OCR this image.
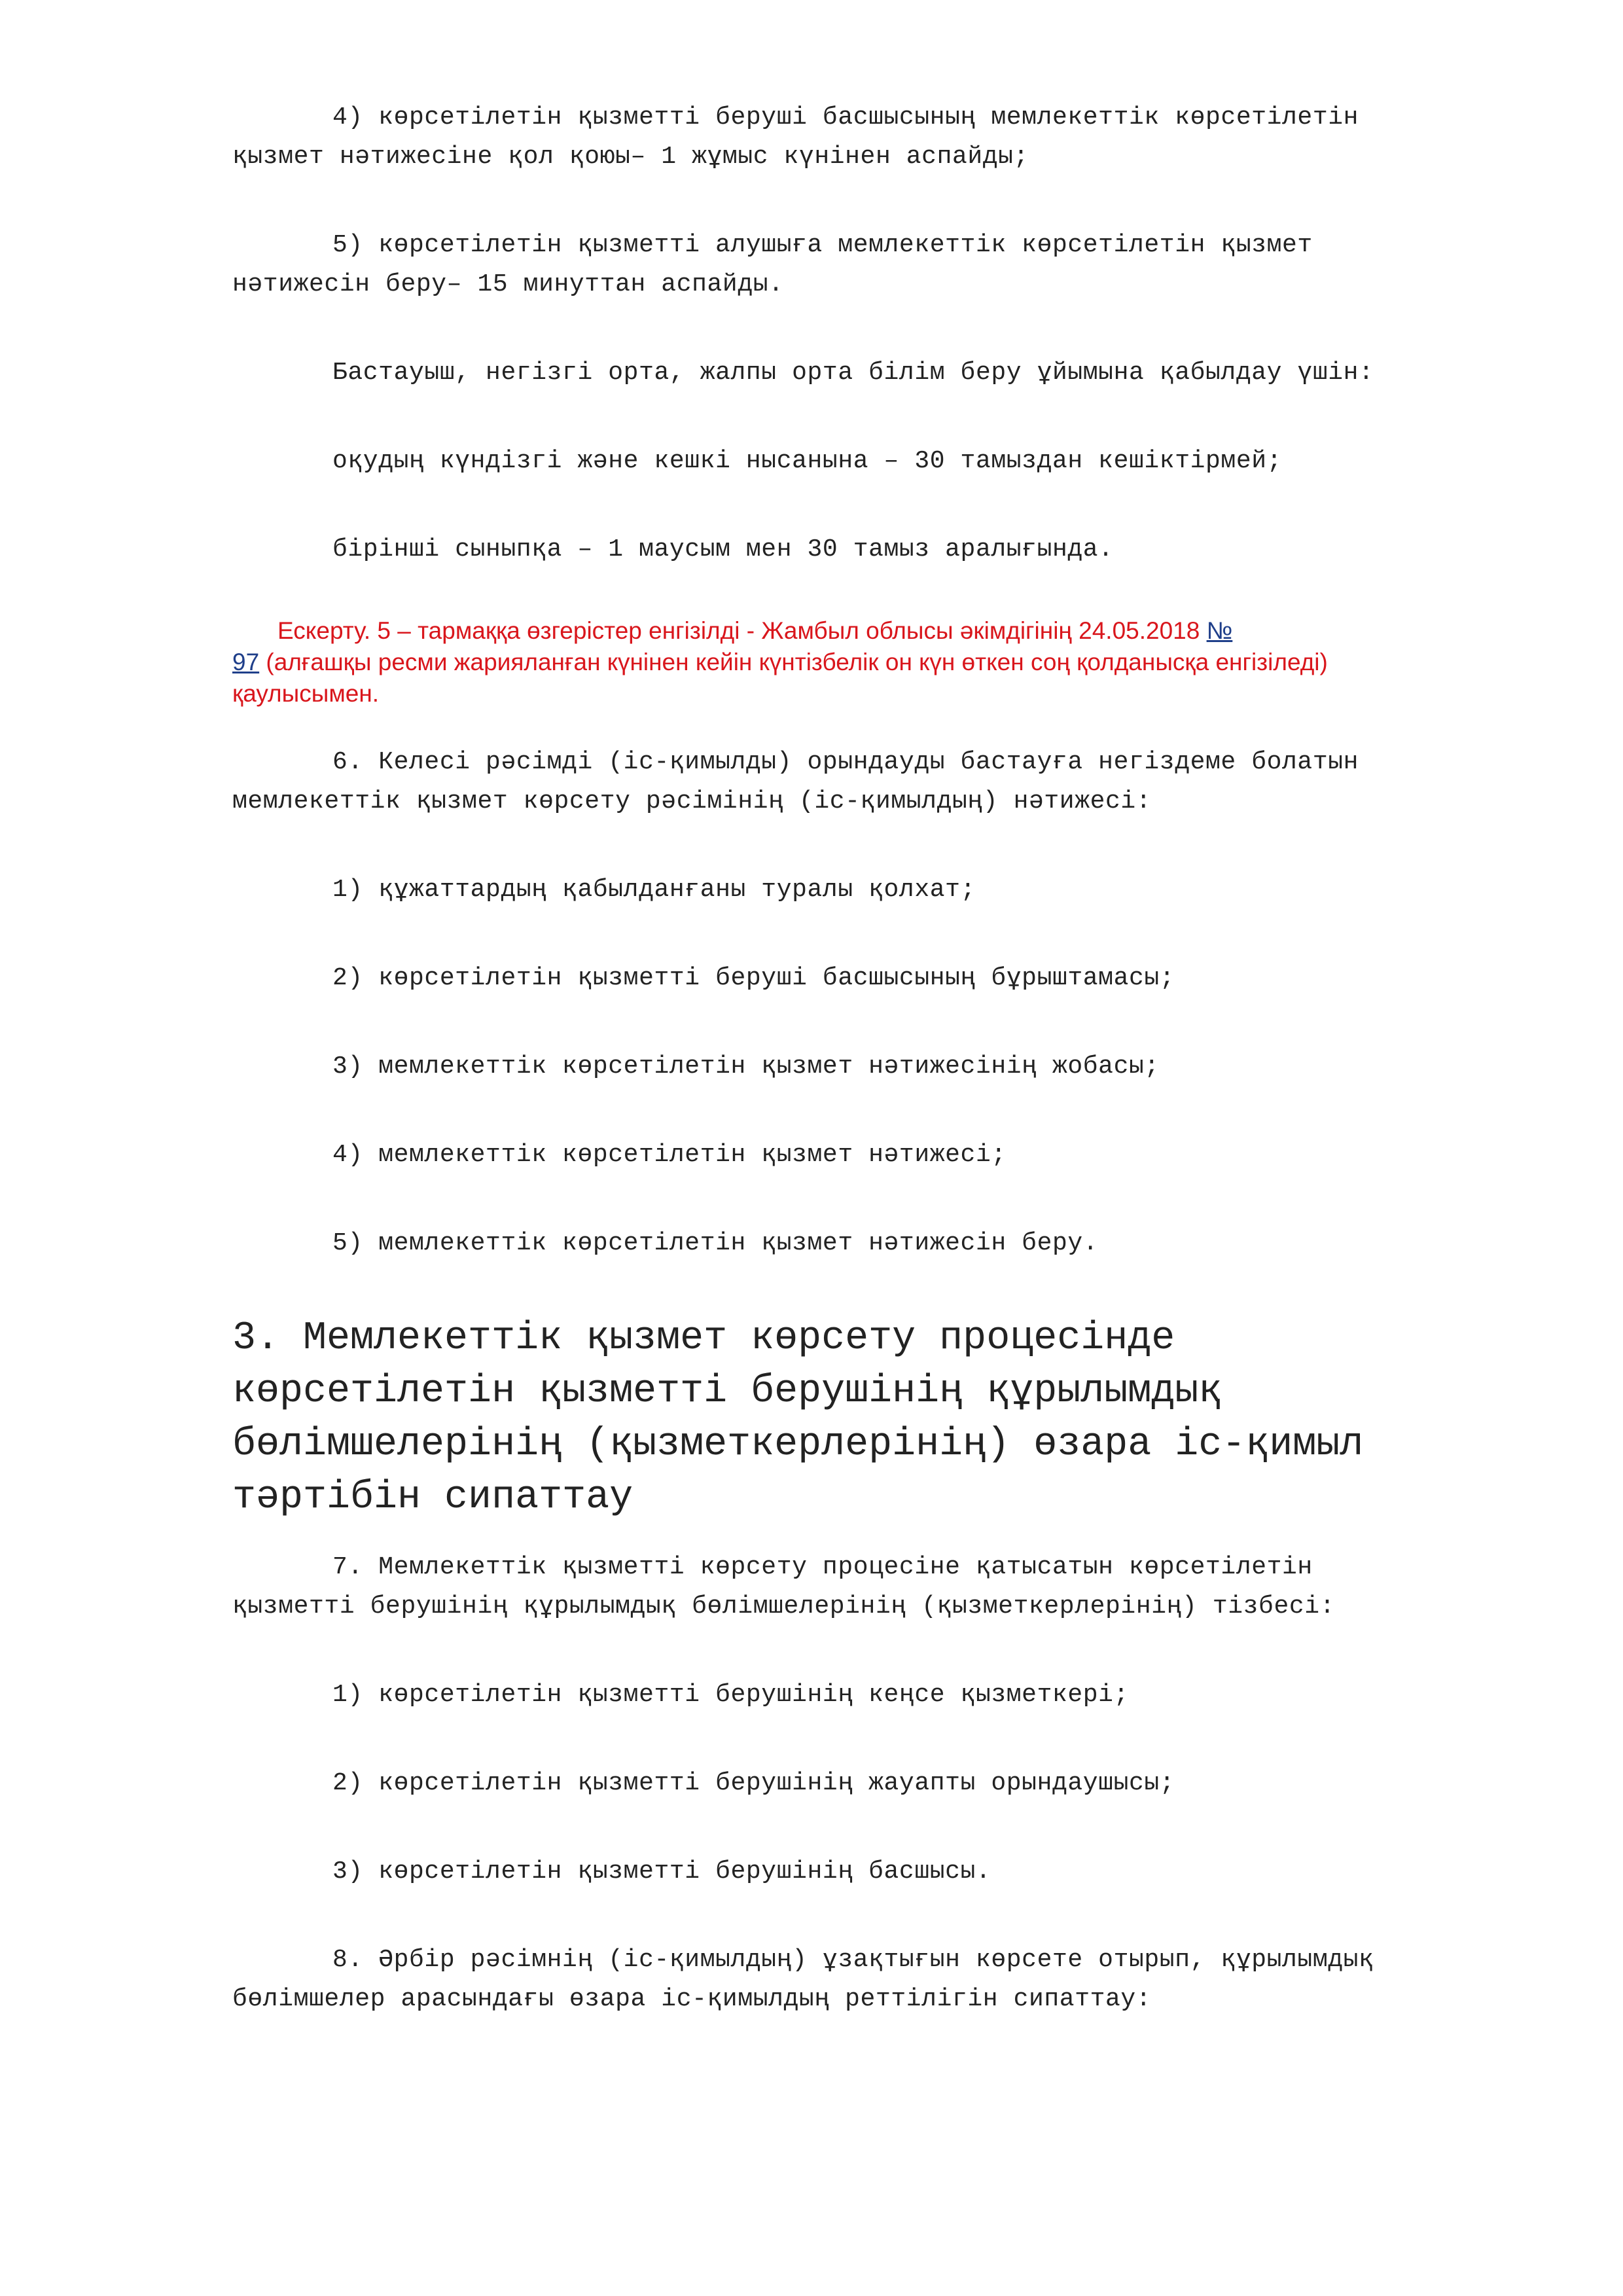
4) көрсетілетін қызметті беруші басшысының мемлекеттік көрсетілетін
қызмет нәтижесіне қол қоюы– 1 жұмыс күнінен аспайды;

5) көрсетілетін қызметті алушыға мемлекеттік көрсетілетін қызмет
нәтижесін беру– 15 минуттан аспайды.

Бастауыш, негізгі орта, жалпы орта білім беру ұйымына қабылдау үшін:

оқудың күндізгі және кешкі нысанына – 30 тамыздан кешіктірмей;

бірінші сыныпқа – 1 маусым мен 30 тамыз аралығында.

Ескерту. 5 – тармаққа өзгерістер енгізілді - Жамбыл облысы әкімдігінің 24.05.2018 №
97 (алғашқы ресми жарияланған күнінен кейін күнтізбелік он күн өткен соң қолданысқа енгізіледі)
қаулысымен.

6. Келесі рәсімді (іс-қимылды) орындауды бастауға негіздеме болатын
мемлекеттік қызмет көрсету рәсімінің (іс-қимылдың) нәтижесі:

1) құжаттардың қабылданғаны туралы қолхат;

2) көрсетілетін қызметті беруші басшысының бұрыштамасы;

3) мемлекеттік көрсетілетін қызмет нәтижесінің жобасы;

4) мемлекеттік көрсетілетін қызмет нәтижесі;

5) мемлекеттік көрсетілетін қызмет нәтижесін беру.

3. Мемлекеттік қызмет көрсету процесінде
көрсетілетін қызметті берушінің құрылымдық
бөлімшелерінің (қызметкерлерінің) өзара іс-қимыл
тәртібін сипаттау

7. Мемлекеттік қызметті көрсету процесіне қатысатын көрсетілетін
қызметті берушінің құрылымдық бөлімшелерінің (қызметкерлерінің) тізбесі:

1) көрсетілетін қызметті берушінің кеңсе қызметкері;

2) көрсетілетін қызметті берушінің жауапты орындаушысы;

3) көрсетілетін қызметті берушінің басшысы.

8. Әрбір рәсімнің (іс-қимылдың) ұзақтығын көрсете отырып, құрылымдық
бөлімшелер арасындағы өзара іс-қимылдың реттілігін сипаттау:
